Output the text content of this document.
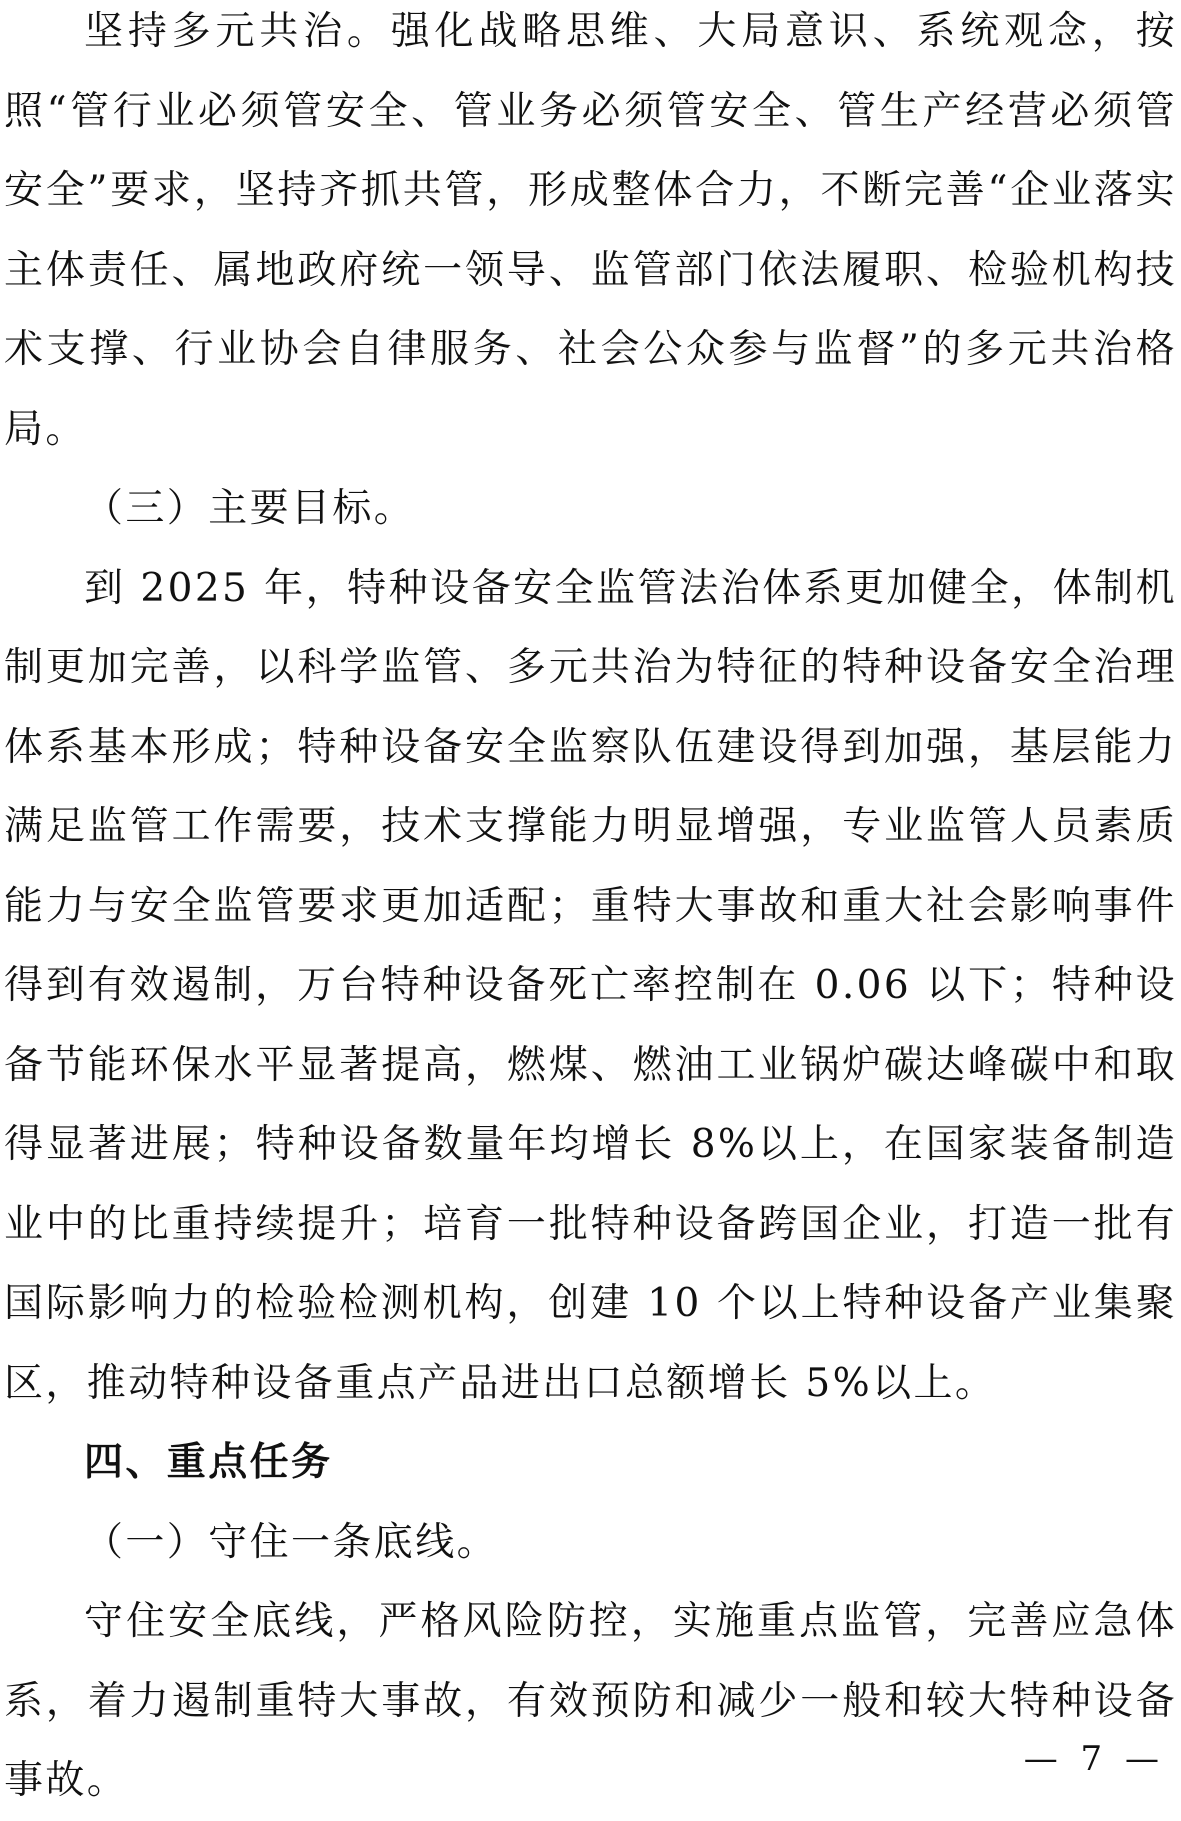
坚持多元共治。强化战略思维、大局意识、系统观念，按照“管行业必须管安全、管业务必须管安全、管生产经营必须管安全”要求，坚持齐抓共管，形成整体合力，不断完善“企业落实主体责任、属地政府统一领导、监管部门依法履职、检验机构技术支撑、行业协会自律服务、社会公众参与监督”的多元共治格局。

（三）主要目标。

到 2025 年，特种设备安全监管法治体系更加健全，体制机制更加完善，以科学监管、多元共治为特征的特种设备安全治理体系基本形成；特种设备安全监察队伍建设得到加强，基层能力满足监管工作需要，技术支撑能力明显增强，专业监管人员素质能力与安全监管要求更加适配；重特大事故和重大社会影响事件得到有效遏制，万台特种设备死亡率控制在 0.06 以下；特种设备节能环保水平显著提高，燃煤、燃油工业锅炉碳达峰碳中和取得显著进展；特种设备数量年均增长 8%以上，在国家装备制造业中的比重持续提升；培育一批特种设备跨国企业，打造一批有国际影响力的检验检测机构，创建 10 个以上特种设备产业集聚区，推动特种设备重点产品进出口总额增长 5%以上。

四、重点任务
（一）守住一条底线。

守住安全底线，严格风险防控，实施重点监管，完善应急体系，着力遏制重特大事故，有效预防和减少一般和较大特种设备事故。	— 7 —
